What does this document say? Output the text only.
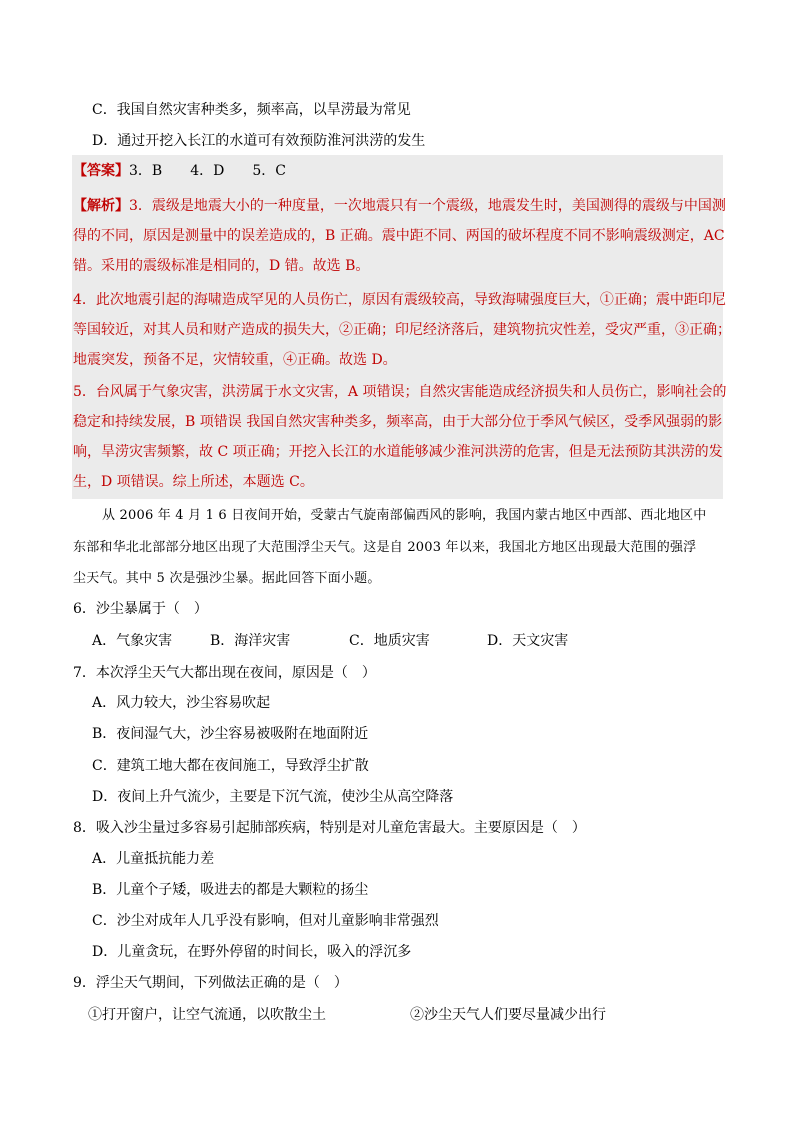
C．我国自然灾害种类多，频率高，以旱涝最为常见
D．通过开挖入长江的水道可有效预防淮河洪涝的发生
【答案】3．B　　4．D　　5．C
【解析】3．震级是地震大小的一种度量，一次地震只有一个震级，地震发生时，美国测得的震级与中国测
得的不同，原因是测量中的误差造成的，B 正确。震中距不同、两国的破坏程度不同不影响震级测定，AC
错。采用的震级标准是相同的，D 错。故选 B。
4．此次地震引起的海啸造成罕见的人员伤亡，原因有震级较高，导致海啸强度巨大，①正确；震中距印尼
等国较近，对其人员和财产造成的损失大，②正确；印尼经济落后，建筑物抗灾性差，受灾严重，③正确；
地震突发，预备不足，灾情较重，④正确。故选 D。
5．台风属于气象灾害，洪涝属于水文灾害，A 项错误；自然灾害能造成经济损失和人员伤亡，影响社会的
稳定和持续发展，B 项错误 我国自然灾害种类多，频率高，由于大部分位于季风气候区，受季风强弱的影
响，旱涝灾害频繁，故 C 项正确；开挖入长江的水道能够减少淮河洪涝的危害，但是无法预防其洪涝的发
生，D 项错误。综上所述，本题选 C。
从 2006 年 4 月 1 6 日夜间开始，受蒙古气旋南部偏西风的影响，我国内蒙古地区中西部、西北地区中
东部和华北北部部分地区出现了大范围浮尘天气。这是自 2003 年以来，我国北方地区出现最大范围的强浮
尘天气。其中 5 次是强沙尘暴。据此回答下面小题。
6．沙尘暴属于（　）
A．气象灾害	B．海洋灾害	C．地质灾害	D．天文灾害
7．本次浮尘天气大都出现在夜间，原因是（　）
A．风力较大，沙尘容易吹起
B．夜间湿气大，沙尘容易被吸附在地面附近
C．建筑工地大都在夜间施工，导致浮尘扩散
D．夜间上升气流少，主要是下沉气流，使沙尘从高空降落
8．吸入沙尘量过多容易引起肺部疾病，特别是对儿童危害最大。主要原因是（　）
A．儿童抵抗能力差
B．儿童个子矮，吸进去的都是大颗粒的扬尘
C．沙尘对成年人几乎没有影响，但对儿童影响非常强烈
D．儿童贪玩，在野外停留的时间长，吸入的浮沉多
9．浮尘天气期间，下列做法正确的是（　）
①打开窗户，让空气流通，以吹散尘土	②沙尘天气人们要尽量减少出行
